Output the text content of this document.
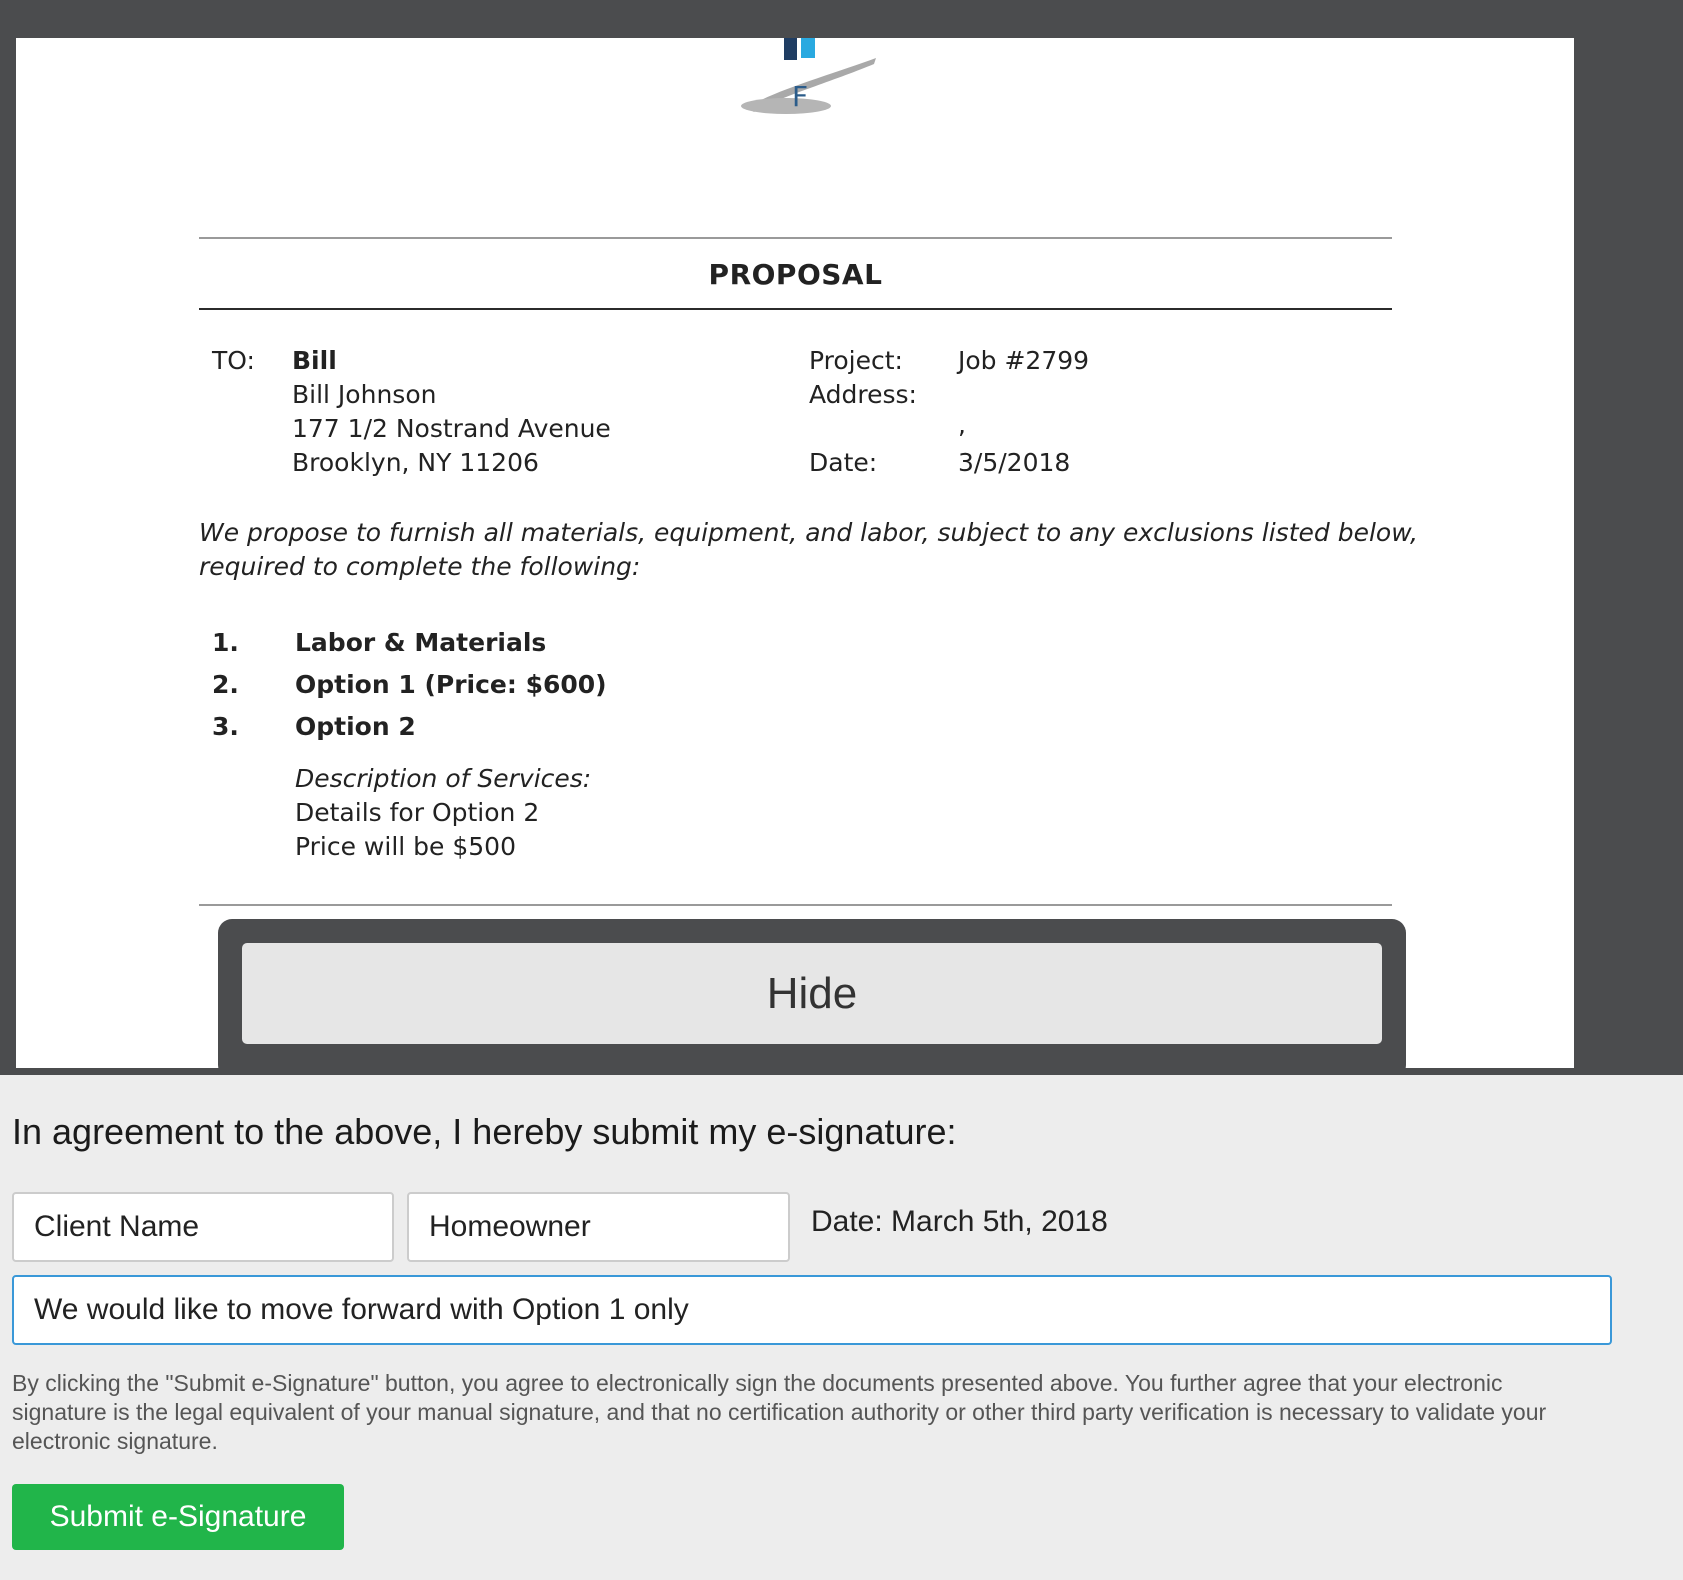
F
PROPOSAL
TO: Bill
Bill Johnson
177 1/2 Nostrand Avenue
Brooklyn, NY 11206
Project: Job #2799
Address:
,
Date:	3/5/2018
We propose to furnish all materials, equipment, and labor, subject to any exclusions listed below,
required to complete the following:
1. Labor & Materials
2. Option 1 (Price: $600)
3. Option 2
Description of Services:
Details for Option 2
Price will be $500
Hide
In agreement to the above, I hereby submit my e-signature:
Client Name
Homeowner
Date: March 5th, 2018
We would like to move forward with Option 1 only
By clicking the "Submit e-Signature" button, you agree to electronically sign the documents presented above. You further agree that your electronic signature is the legal equivalent of your manual signature, and that no certification authority or other third party verification is necessary to validate your electronic signature.
Submit e-Signature
